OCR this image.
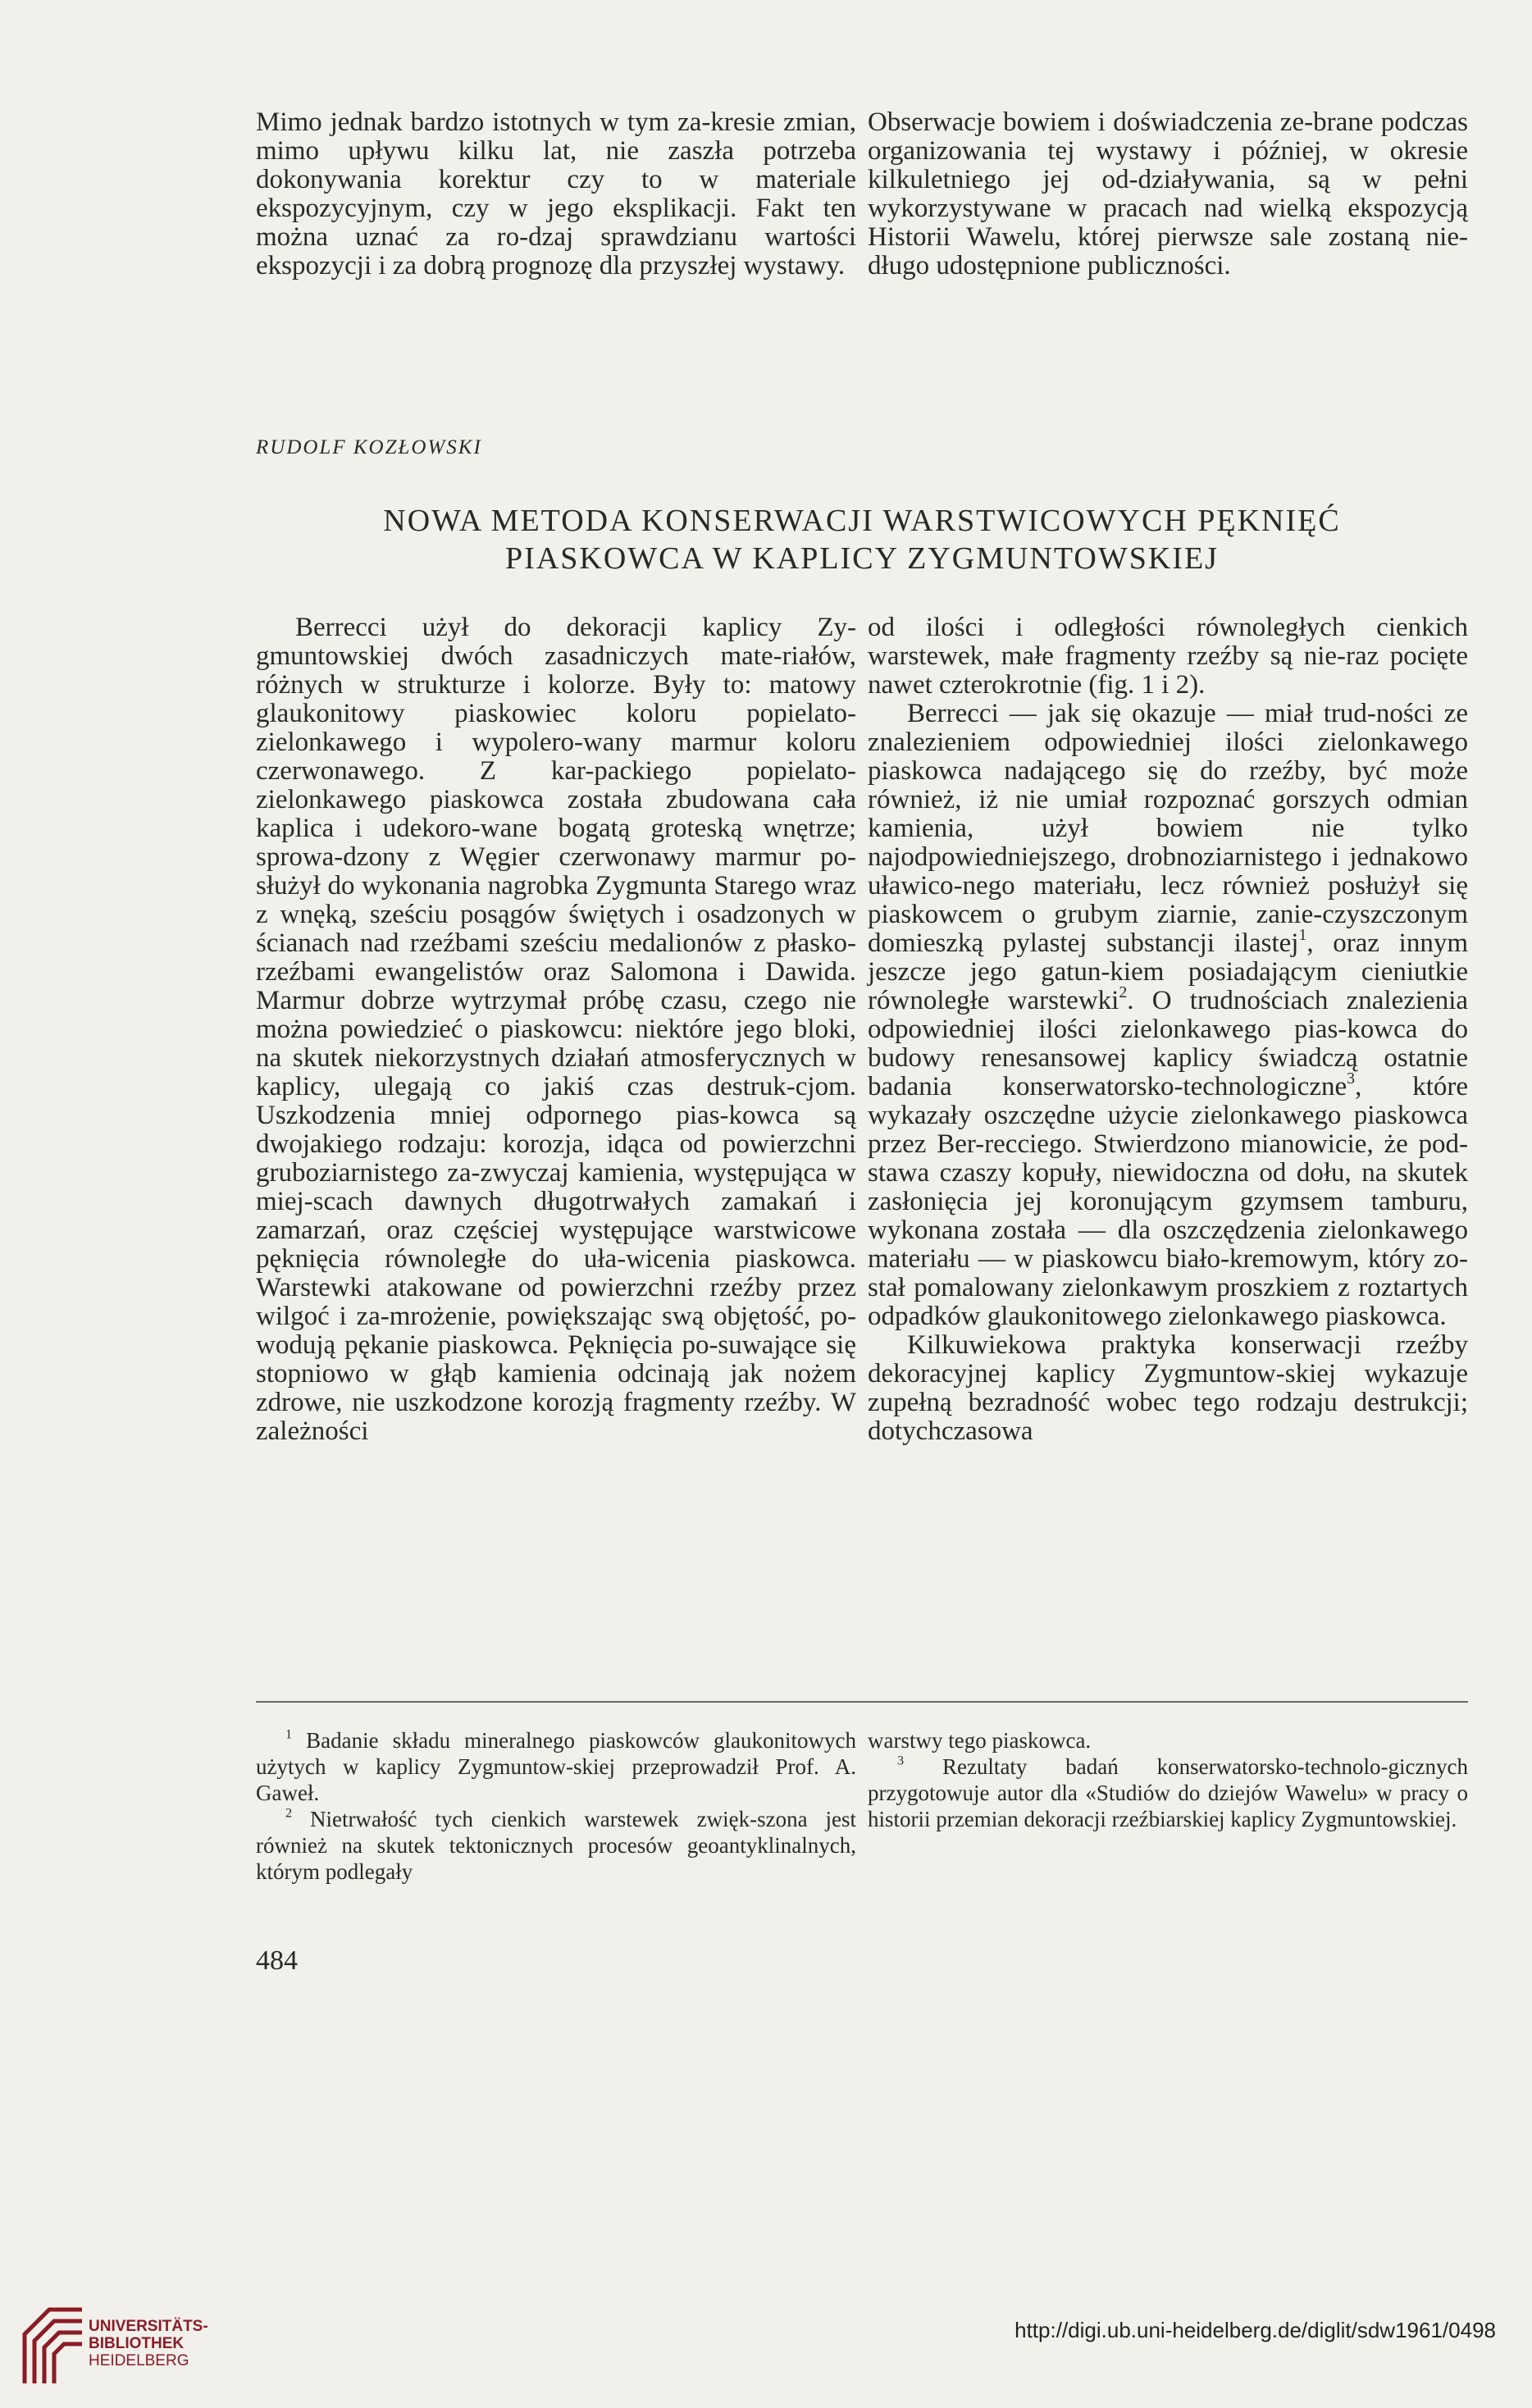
Mimo jednak bardzo istotnych w tym za-kresie zmian, mimo upływu kilku lat, nie zaszła potrzeba dokonywania korektur czy to w materiale ekspozycyjnym, czy w jego eksplikacji. Fakt ten można uznać za ro-dzaj sprawdzianu wartości ekspozycji i za dobrą prognozę dla przyszłej wystawy.

Obserwacje bowiem i doświadczenia ze-brane podczas organizowania tej wystawy i później, w okresie kilkuletniego jej od-działywania, są w pełni wykorzystywane w pracach nad wielką ekspozycją Historii Wawelu, której pierwsze sale zostaną nie-długo udostępnione publiczności.

RUDOLF KOZŁOWSKI
NOWA METODA KONSERWACJI WARSTWICOWYCH PĘKNIĘĆ
PIASKOWCA W KAPLICY ZYGMUNTOWSKIEJ

Berrecci użył do dekoracji kaplicy Zy-gmuntowskiej dwóch zasadniczych mate-riałów, różnych w strukturze i kolorze. Były to: matowy glaukonitowy piaskowiec koloru popielato-zielonkawego i wypolero-wany marmur koloru czerwonawego. Z kar-packiego popielato-zielonkawego piaskowca została zbudowana cała kaplica i udekoro-wane bogatą groteską wnętrze; sprowa-dzony z Węgier czerwonawy marmur po-służył do wykonania nagrobka Zygmunta Starego wraz z wnęką, sześciu posągów świętych i osadzonych w ścianach nad rzeźbami sześciu medalionów z płasko-rzeźbami ewangelistów oraz Salomona i Dawida. Marmur dobrze wytrzymał próbę czasu, czego nie można powiedzieć o piaskowcu: niektóre jego bloki, na skutek niekorzystnych działań atmosferycznych w kaplicy, ulegają co jakiś czas destruk-cjom. Uszkodzenia mniej odpornego pias-kowca są dwojakiego rodzaju: korozja, idąca od powierzchni gruboziarnistego za-zwyczaj kamienia, występująca w miej-scach dawnych długotrwałych zamakań i zamarzań, oraz częściej występujące warstwicowe pęknięcia równoległe do uła-wicenia piaskowca. Warstewki atakowane od powierzchni rzeźby przez wilgoć i za-mrożenie, powiększając swą objętość, po-wodują pękanie piaskowca. Pęknięcia po-suwające się stopniowo w głąb kamienia odcinają jak nożem zdrowe, nie uszkodzone korozją fragmenty rzeźby. W zależności

od ilości i odległości równoległych cienkich warstewek, małe fragmenty rzeźby są nie-raz pocięte nawet czterokrotnie (fig. 1 i 2).

Berrecci — jak się okazuje — miał trud-ności ze znalezieniem odpowiedniej ilości zielonkawego piaskowca nadającego się do rzeźby, być może również, iż nie umiał rozpoznać gorszych odmian kamienia, użył bowiem nie tylko najodpowiedniejszego, drobnoziarnistego i jednakowo uławico-nego materiału, lecz również posłużył się piaskowcem o grubym ziarnie, zanie-czyszczonym domieszką pylastej substancji ilastej$^1$, oraz innym jeszcze jego gatun-kiem posiadającym cieniutkie równoległe warstewki$^2$. O trudnościach znalezienia odpowiedniej ilości zielonkawego pias-kowca do budowy renesansowej kaplicy świadczą ostatnie badania konserwatorsko-technologiczne$^3$, które wykazały oszczędne użycie zielonkawego piaskowca przez Ber-recciego. Stwierdzono mianowicie, że pod-stawa czaszy kopuły, niewidoczna od dołu, na skutek zasłonięcia jej koronującym gzymsem tamburu, wykonana została — dla oszczędzenia zielonkawego materiału — w piaskowcu biało-kremowym, który zo-stał pomalowany zielonkawym proszkiem z roztartych odpadków glaukonitowego zielonkawego piaskowca.

Kilkuwiekowa praktyka konserwacji rzeźby dekoracyjnej kaplicy Zygmuntow-skiej wykazuje zupełną bezradność wobec tego rodzaju destrukcji; dotychczasowa

$^1$ Badanie składu mineralnego piaskowców glaukonitowych użytych w kaplicy Zygmuntow-skiej przeprowadził Prof. A. Gaweł.

$^2$ Nietrwałość tych cienkich warstewek zwięk-szona jest również na skutek tektonicznych procesów geoantyklinalnych, którym podlegały

warstwy tego piaskowca.

$^3$ Rezultaty badań konserwatorsko-technolo-gicznych przygotowuje autor dla «Studiów do dziejów Wawelu» w pracy o historii przemian dekoracji rzeźbiarskiej kaplicy Zygmuntowskiej.

484
UNIVERSITÄTS-
BIBLIOTHEK
HEIDELBERG
http://digi.ub.uni-heidelberg.de/diglit/sdw1961/0498
